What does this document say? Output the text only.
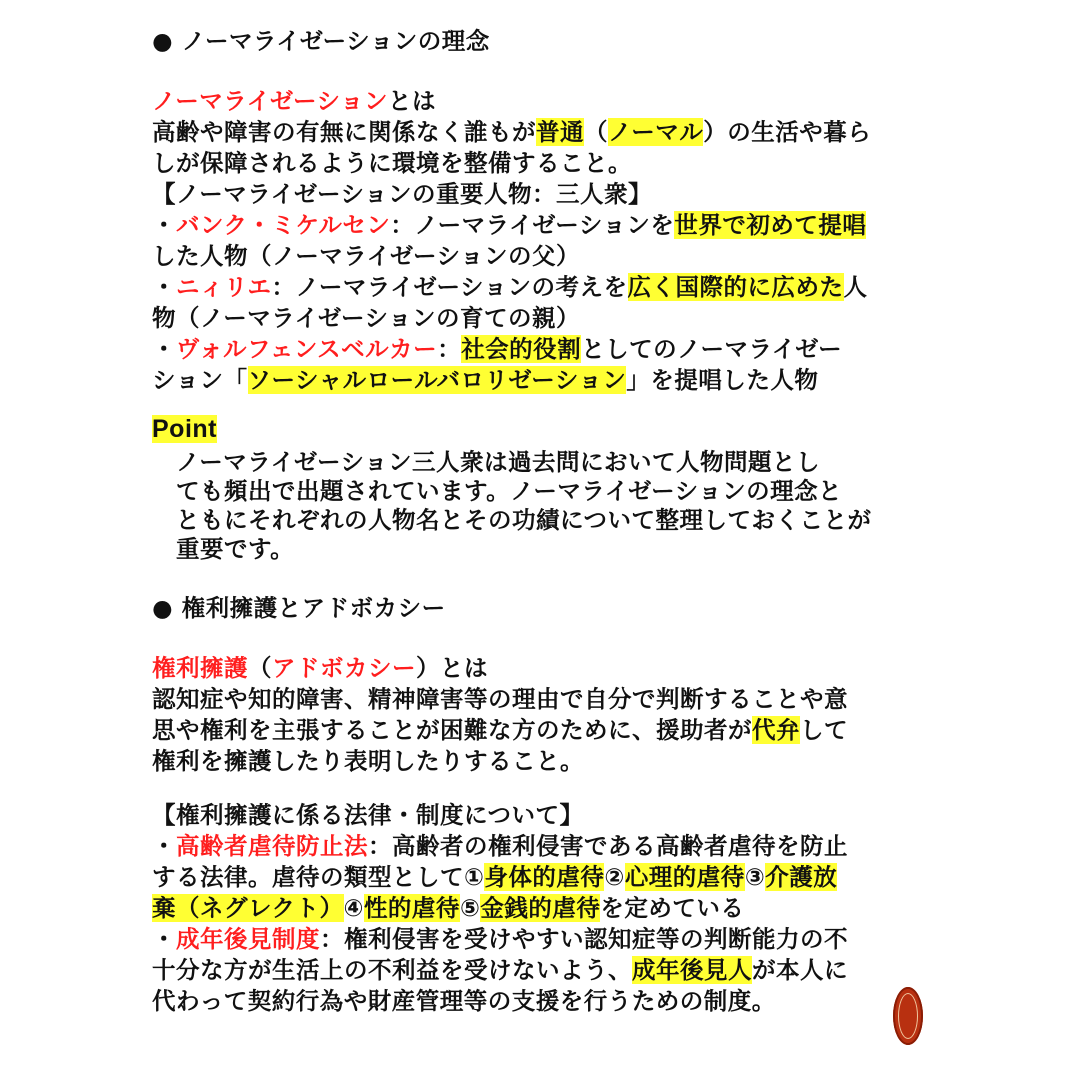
● ノーマライゼーションの理念
ノーマライゼーションとは
高齢や障害の有無に関係なく誰もが普通（ノーマル）の生活や暮ら
しが保障されるように環境を整備すること。
【ノーマライゼーションの重要人物：三人衆】
・バンク・ミケルセン：ノーマライゼーションを世界で初めて提唱
した人物（ノーマライゼーションの父）
・ニィリエ：ノーマライゼーションの考えを広く国際的に広めた人
物（ノーマライゼーションの育ての親）
・ヴォルフェンスベルカー：社会的役割としてのノーマライゼー
ション「ソーシャルロールバロリゼーション」を提唱した人物
Point
ノーマライゼーション三人衆は過去問において人物問題とし
ても頻出で出題されています。ノーマライゼーションの理念と
ともにそれぞれの人物名とその功績について整理しておくことが
重要です。
● 権利擁護とアドボカシー
権利擁護（アドボカシー）とは
認知症や知的障害、精神障害等の理由で自分で判断することや意
思や権利を主張することが困難な方のために、援助者が代弁して
権利を擁護したり表明したりすること。
【権利擁護に係る法律・制度について】
・高齢者虐待防止法：高齢者の権利侵害である高齢者虐待を防止
する法律。虐待の類型として①身体的虐待②心理的虐待③介護放
棄（ネグレクト）④性的虐待⑤金銭的虐待を定めている
・成年後見制度：権利侵害を受けやすい認知症等の判断能力の不
十分な方が生活上の不利益を受けないよう、成年後見人が本人に
代わって契約行為や財産管理等の支援を行うための制度。
